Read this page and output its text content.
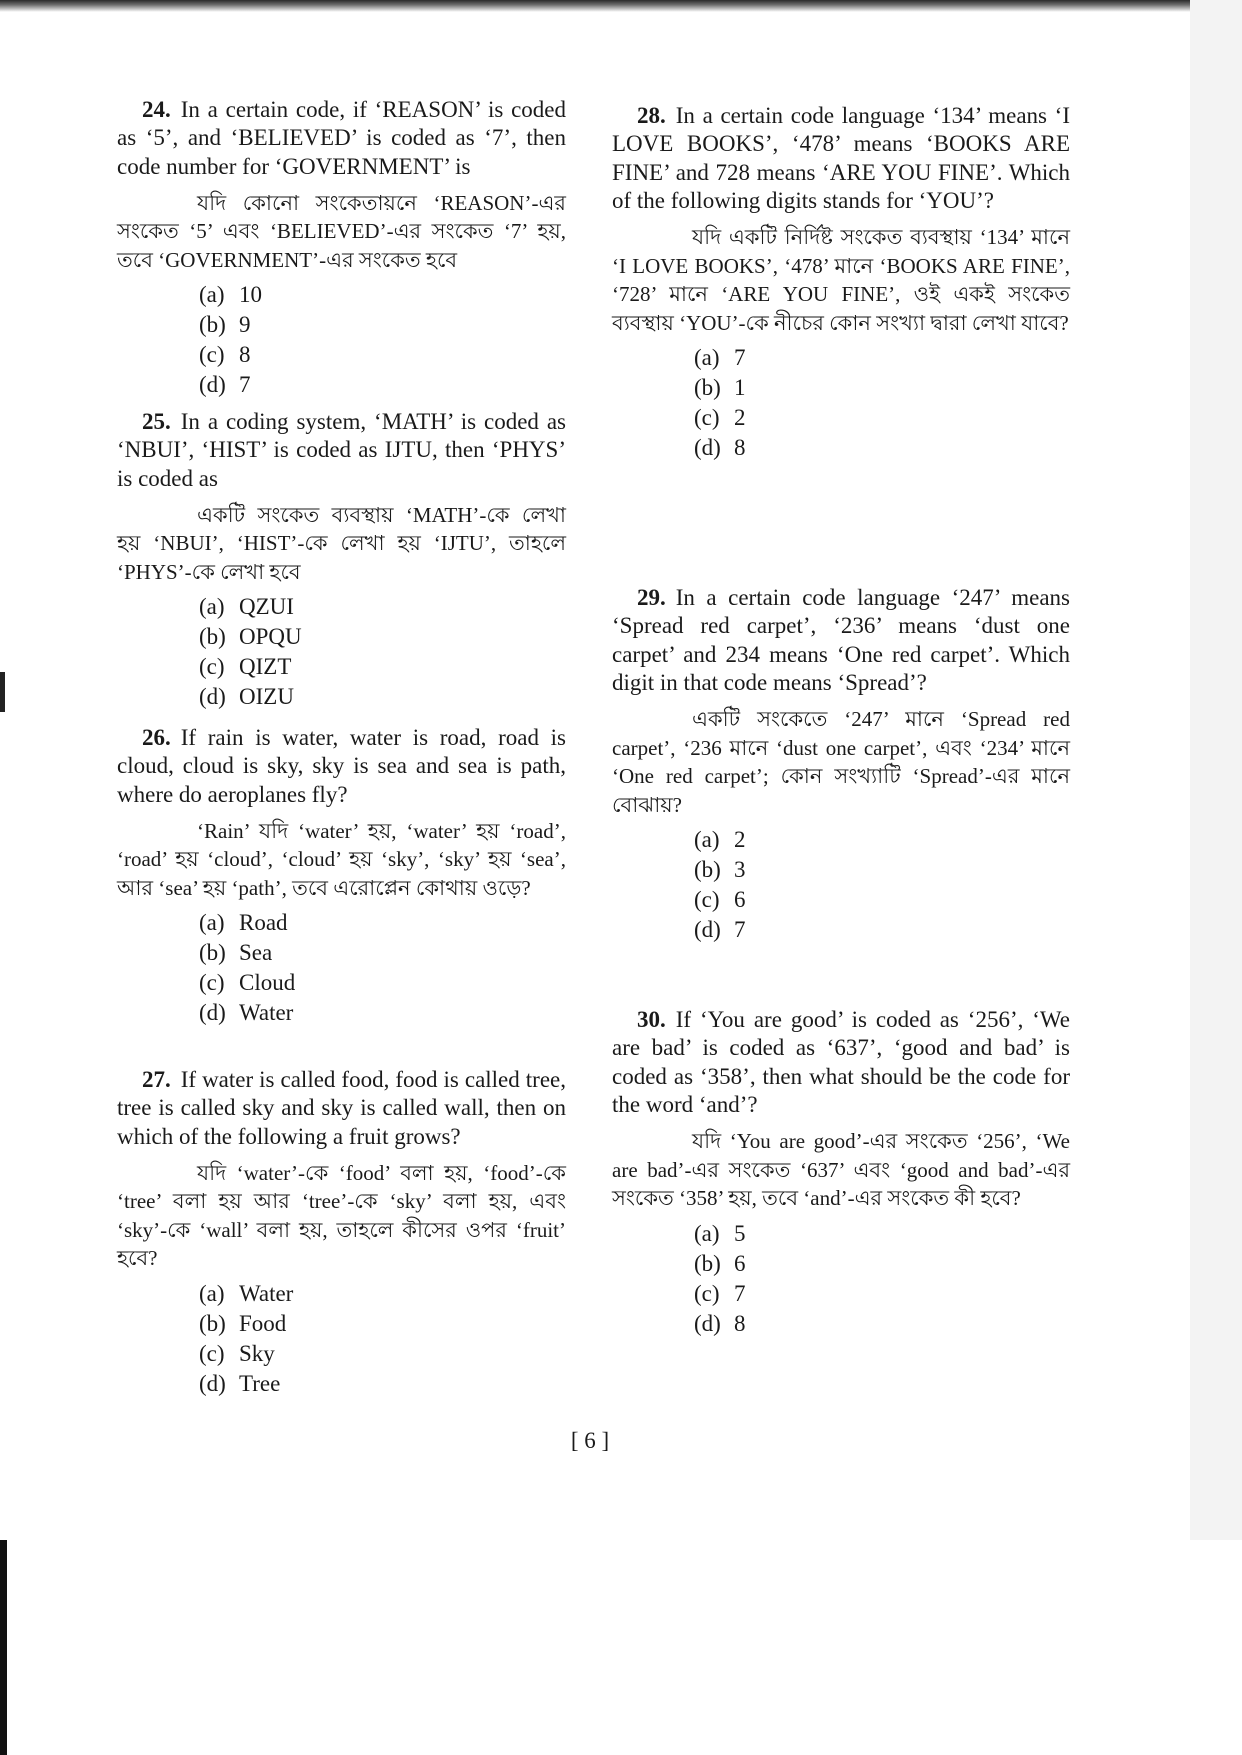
24. In a certain code, if ‘REASON’ is coded as ‘5’, and ‘BELIEVED’ is coded as ‘7’, then code number for ‘GOVERNMENT’ is

যদি কোনো সংকেতায়নে ‘REASON’-এর সংকেত ‘5’ এবং ‘BELIEVED’-এর সংকেত ‘7’ হয়, তবে ‘GOVERNMENT’-এর সংকেত হবে

(a) 10
(b) 9
(c) 8
(d) 7

25. In a coding system, ‘MATH’ is coded as ‘NBUI’, ‘HIST’ is coded as IJTU, then ‘PHYS’ is coded as

একটি সংকেত ব্যবস্থায় ‘MATH’-কে লেখা হয় ‘NBUI’, ‘HIST’-কে লেখা হয় ‘IJTU’, তাহলে ‘PHYS’-কে লেখা হবে

(a) QZUI
(b) OPQU
(c) QIZT
(d) OIZU

26. If rain is water, water is road, road is cloud, cloud is sky, sky is sea and sea is path, where do aeroplanes fly?

‘Rain’ যদি ‘water’ হয়, ‘water’ হয় ‘road’, ‘road’ হয় ‘cloud’, ‘cloud’ হয় ‘sky’, ‘sky’ হয় ‘sea’, আর ‘sea’ হয় ‘path’, তবে এরোপ্লেন কোথায় ওড়ে?

(a) Road
(b) Sea
(c) Cloud
(d) Water

27. If water is called food, food is called tree, tree is called sky and sky is called wall, then on which of the following a fruit grows?

যদি ‘water’-কে ‘food’ বলা হয়, ‘food’-কে ‘tree’ বলা হয় আর ‘tree’-কে ‘sky’ বলা হয়, এবং ‘sky’-কে ‘wall’ বলা হয়, তাহলে কীসের ওপর ‘fruit’ হবে?

(a) Water
(b) Food
(c) Sky
(d) Tree

28. In a certain code language ‘134’ means ‘I LOVE BOOKS’, ‘478’ means ‘BOOKS ARE FINE’ and 728 means ‘ARE YOU FINE’. Which of the following digits stands for ‘YOU’?

যদি একটি নির্দিষ্ট সংকেত ব্যবস্থায় ‘134’ মানে ‘I LOVE BOOKS’, ‘478’ মানে ‘BOOKS ARE FINE’, ‘728’ মানে ‘ARE YOU FINE’, ওই একই সংকেত ব্যবস্থায় ‘YOU’-কে নীচের কোন সংখ্যা দ্বারা লেখা যাবে?

(a) 7
(b) 1
(c) 2
(d) 8

29. In a certain code language ‘247’ means ‘Spread red carpet’, ‘236’ means ‘dust one carpet’ and 234 means ‘One red carpet’. Which digit in that code means ‘Spread’?

একটি সংকেতে ‘247’ মানে ‘Spread red carpet’, ‘236 মানে ‘dust one carpet’, এবং ‘234’ মানে ‘One red carpet’; কোন সংখ্যাটি ‘Spread’-এর মানে বোঝায়?

(a) 2
(b) 3
(c) 6
(d) 7

30. If ‘You are good’ is coded as ‘256’, ‘We are bad’ is coded as ‘637’, ‘good and bad’ is coded as ‘358’, then what should be the code for the word ‘and’?

যদি ‘You are good’-এর সংকেত ‘256’, ‘We are bad’-এর সংকেত ‘637’ এবং ‘good and bad’-এর সংকেত ‘358’ হয়, তবে ‘and’-এর সংকেত কী হবে?

(a) 5
(b) 6
(c) 7
(d) 8
[ 6 ]
